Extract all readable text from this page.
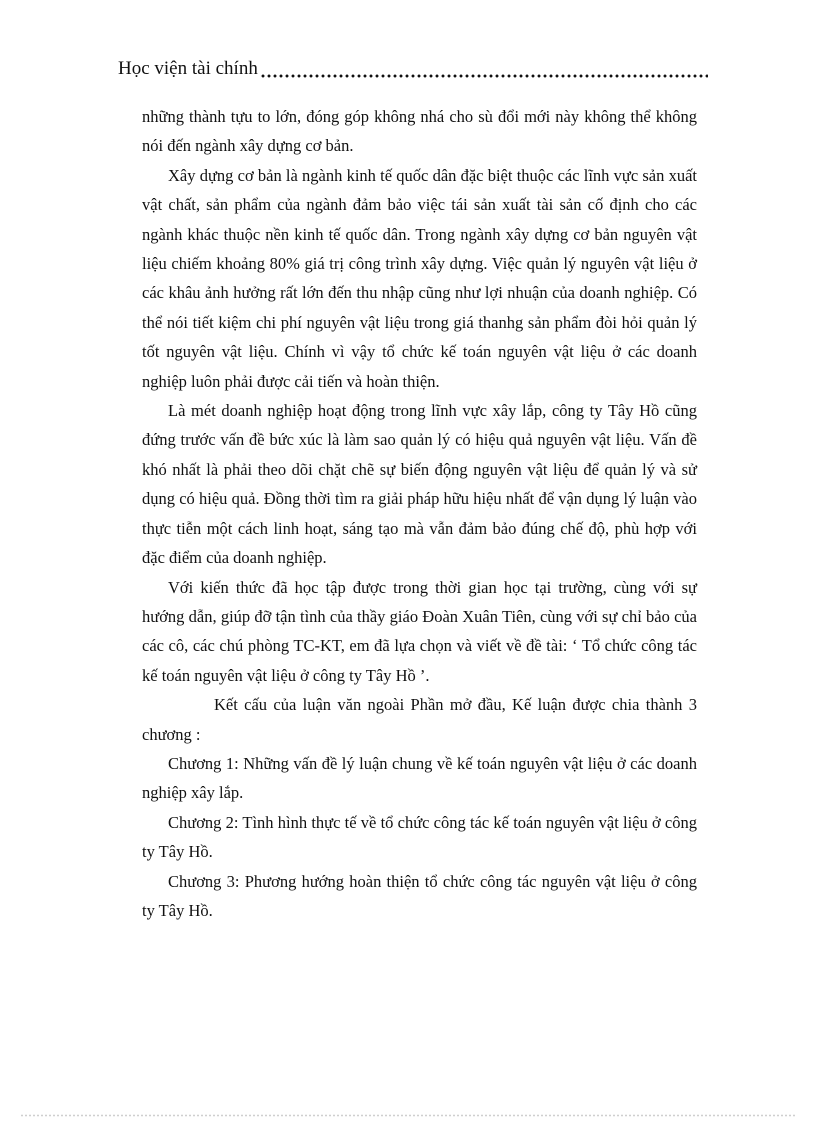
Học viện tài chính

những thành tựu to lớn, đóng góp không nhá cho sù đổi mới này không thể không nói đến ngành xây dựng cơ bản.

Xây dựng cơ bản là ngành kinh tế quốc dân đặc biệt thuộc các lĩnh vực sản xuất vật chất, sản phẩm của ngành đảm bảo việc tái sản xuất tài sản cố định cho các ngành khác thuộc nền kinh tế quốc dân. Trong ngành xây dựng cơ bản nguyên vật liệu chiếm khoảng 80% giá trị công trình xây dựng. Việc quản lý nguyên vật liệu ở các khâu ảnh hưởng rất lớn đến thu nhập cũng như lợi nhuận của doanh nghiệp. Có thể nói tiết kiệm chi phí nguyên vật liệu trong giá thanhg sản phẩm đòi hỏi quản lý tốt nguyên vật liệu. Chính vì vậy tổ chức kế toán nguyên vật liệu ở các doanh nghiệp luôn phải được cải tiến và hoàn thiện.

Là mét doanh nghiệp hoạt động trong lĩnh vực xây lắp, công ty Tây Hồ cũng đứng trước vấn đề bức xúc là làm sao quản lý có hiệu quả nguyên vật liệu. Vấn đề khó nhất là phải theo dõi chặt chẽ sự biến động nguyên vật liệu để quản lý và sử dụng có hiệu quả. Đồng thời tìm ra giải pháp hữu hiệu nhất để vận dụng lý luận vào thực tiễn một cách linh hoạt, sáng tạo mà vẫn đảm bảo đúng chế độ, phù hợp với đặc điểm của doanh nghiệp.

Với kiến thức đã học tập được trong thời gian học tại trường, cùng với sự hướng dẫn, giúp đỡ tận tình của thầy giáo Đoàn Xuân Tiên, cùng với sự chỉ bảo của các cô, các chú phòng TC-KT, em đã lựa chọn và viết về đề tài: ‘ Tổ chức công tác kế toán nguyên vật liệu ở công ty Tây Hồ ’.

Kết cấu của luận văn ngoài Phần mở đầu, Kế luận được chia thành 3 chương :

Chương 1: Những vấn đề lý luận chung về kế toán nguyên vật liệu ở các doanh nghiệp xây lắp.

Chương 2: Tình hình thực tế về tổ chức công tác kế toán nguyên vật liệu ở công ty Tây Hồ.

Chương 3: Phương hướng hoàn thiện tổ chức công tác nguyên vật liệu ở công ty Tây Hồ.
